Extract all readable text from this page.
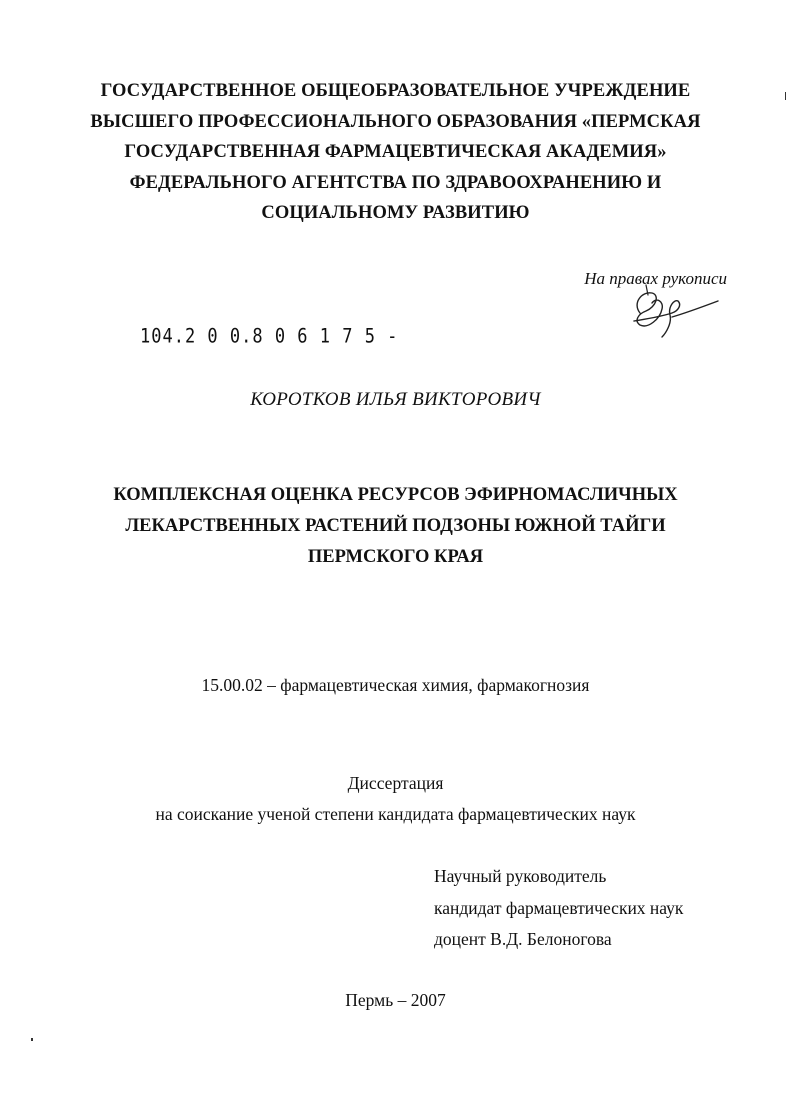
ГОСУДАРСТВЕННОЕ ОБЩЕОБРАЗОВАТЕЛЬНОЕ УЧРЕЖДЕНИЕ
ВЫСШЕГО ПРОФЕССИОНАЛЬНОГО ОБРАЗОВАНИЯ «ПЕРМСКАЯ
ГОСУДАРСТВЕННАЯ ФАРМАЦЕВТИЧЕСКАЯ АКАДЕМИЯ»
ФЕДЕРАЛЬНОГО АГЕНТСТВА ПО ЗДРАВООХРАНЕНИЮ И
СОЦИАЛЬНОМУ РАЗВИТИЮ
На правах рукописи
104.2 0 0.8 0 6 1 7 5 -
КОРОТКОВ ИЛЬЯ ВИКТОРОВИЧ
КОМПЛЕКСНАЯ ОЦЕНКА РЕСУРСОВ ЭФИРНОМАСЛИЧНЫХ
ЛЕКАРСТВЕННЫХ РАСТЕНИЙ ПОДЗОНЫ ЮЖНОЙ ТАЙГИ
ПЕРМСКОГО КРАЯ
15.00.02 – фармацевтическая химия, фармакогнозия
Диссертация
на соискание ученой степени кандидата фармацевтических наук
Научный руководитель
кандидат фармацевтических наук
доцент В.Д. Белоногова
Пермь – 2007
